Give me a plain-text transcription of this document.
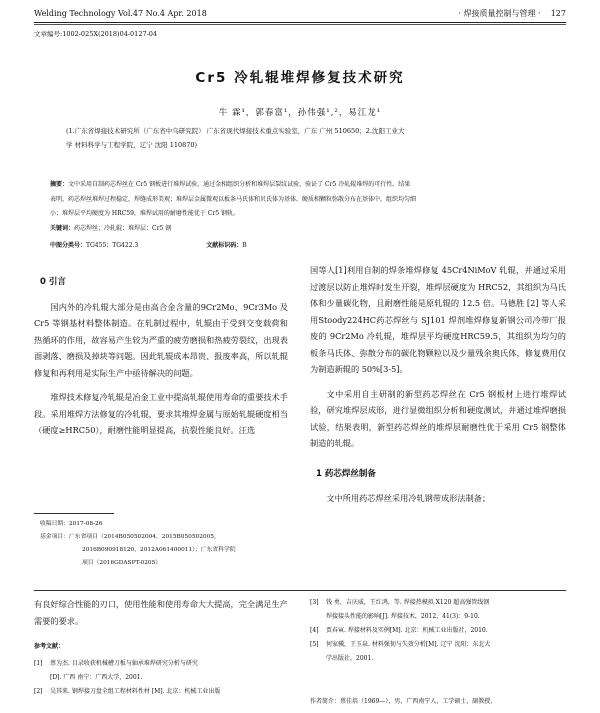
Welding Technology Vol.47 No.4 Apr. 2018	· 焊接质量控制与管理 · 127
文章编号:1002-025X(2018)04-0127-04
Cr5 冷轧辊堆焊修复技术研究
牛 霖¹，郭春富¹，孙伟强¹,²，易江龙¹
(1.广东省焊接技术研究所（广东省中乌研究院） 广东省现代焊接技术重点实验室，广东 广州 510650；2.沈阳工业大
学 材料科学与工程学院，辽宁 沈阳 110870)
摘要：文中采用自制药芯焊丝在 Cr5 钢板进行堆焊试验，通过金相组织分析和堆焊层裂纹试验，验证了 Cr5 冷轧辊堆焊的可行性。结果
表明，药芯焊丝堆焊过程稳定，焊缝成形美观；堆焊层金属微观以板条马氏体和贝氏体为基体，硬质相颗粒弥散分布在基体中，组织均匀细
小；堆焊层平均硬度为 HRC59，堆焊试用的耐磨性能优于 Cr5 钢轨。
关键词：药芯焊丝；冷轧辊；堆焊层；Cr5 钢
中图分类号：TG455；TG422.3	文献标识码：B
0 引言
国内外的冷轧辊大部分是由高合金含量的9Cr2Mo、9Cr3Mo 及 Cr5 等钢基材料整体制造。在轧制过程中，轧辊由于受到交变载荷和热循环的作用，故容易产生较为严重的疲劳磨损和热疲劳裂纹，出现表面剥落、磨损及掉块等问题。因此轧辊成本昂贵、报废率高，所以轧辊修复和再利用是实际生产中亟待解决的问题。
堆焊技术修复冷轧辊是冶金工业中提高轧辊使用寿命的重要技术手段。采用堆焊方法修复的冷轧辊，要求其堆焊金属与原始轧辊硬度相当（硬度≥HRC50），耐磨性能明显提高，抗裂性能良好。汪选
收稿日期：2017-08-26
基金项目：广东省项目（2014B050502004，2015B050502005，
2016B090918120，2012A061400011）；广东省科学院
项目（2016GDASPT-0205）
国等人[1]利用自制的焊条堆焊修复 45Cr4NiMoV 轧辊，并通过采用过渡层以防止堆焊时发生开裂，堆焊层硬度为 HRC52，其组织为马氏体和少量碳化物，且耐磨性能是原轧辊的 12.5 倍。马德胜 [2] 等人采用Stoody224HC药芯焊丝与 SJ101 焊剂堆焊修复新钢公司冷带厂报废的 9Cr2Mo 冷轧辊，堆焊层平均硬度HRC59.5，其组织为均匀的板条马氏体、弥散分布的碳化物颗粒以及少量残余奥氏体，修复费用仅为制造新辊的 50%[3-5]。
文中采用自主研制的新型药芯焊丝在 Cr5 钢板材上进行堆焊试验，研究堆焊层成形，进行显微组织分析和硬度测试，并通过堆焊磨损试验，结果表明，新型药芯焊丝的堆焊层耐磨性优于采用 Cr5 钢整体制造的轧辊。
1 药芯焊丝制备
文中所用药芯焊丝采用冷轧钢带成形法制备；
有良好综合性能的刃口，使用性能和使用寿命大大提高，完全满足生产需要的要求。
参考文献：
[1]	蔡为杰. 目录收获机械槽刀板与轴承堆焊研究分析与研究
[D]. 广西 南宁：广西大学，2001.
[2]	吴其来. 钢焊接刀盘全组工程材料性材 [M]. 北京：机械工业出版
[3]	钱 勇，吉庆威，王红鸿，等. 焊接热模拟 X120 超高强管线钢
焊接接头性能的影响[J]. 焊接技术，2012，41(3)：9-10.
[4]	贾春寅. 焊接材料及实例[M]. 北京：机械工业出版社，2010.
[5]	何家骥，王玉泉. 材料强韧与失效分析[M]. 辽宁 沈阳：东北大
学出版社，2001.
作者简介：蔡佳培（1969—），男，广西南宁人，工学硕士，副教授，
